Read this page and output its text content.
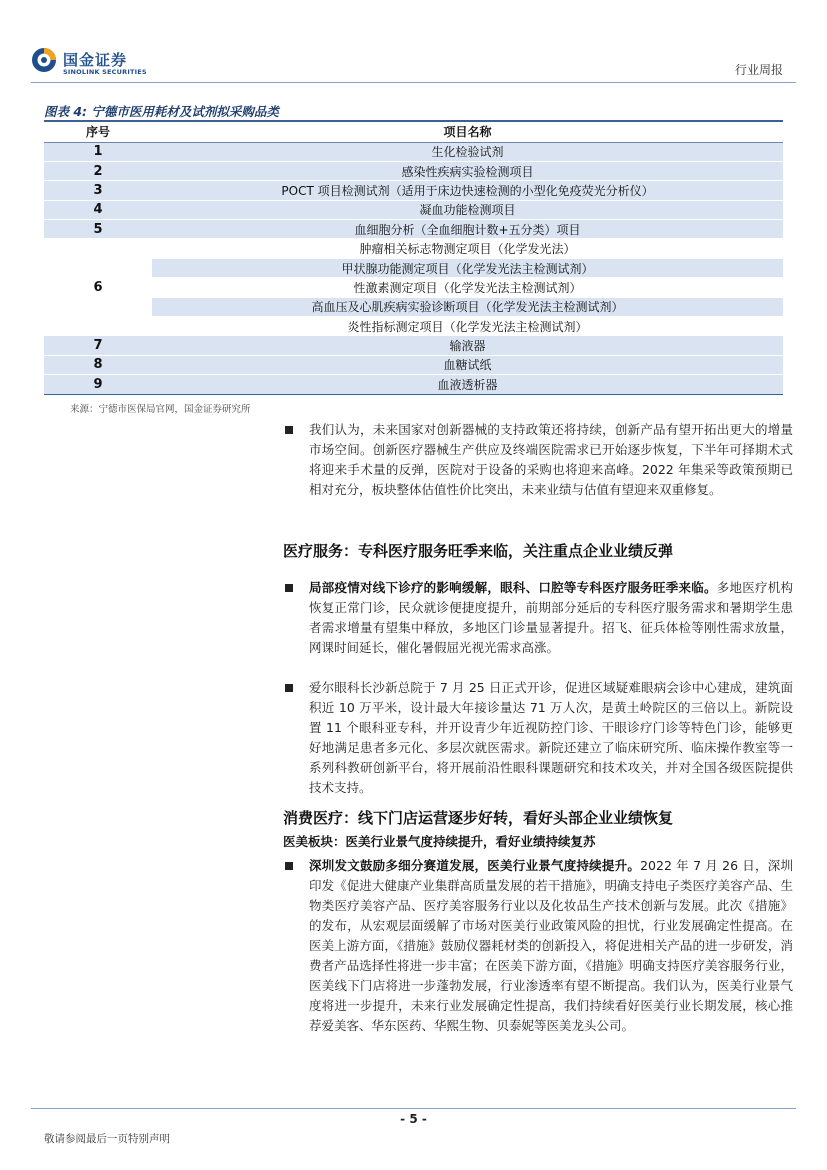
国金证券
SINOLINK SECURITIES	行业周报
图表 4: 宁德市医用耗材及试剂拟采购品类
序号	项目名称
1	生化检验试剂
2	感染性疾病实验检测项目
3	POCT 项目检测试剂（适用于床边快速检测的小型化免疫荧光分析仪）
4	凝血功能检测项目
5	血细胞分析（全血细胞计数+五分类）项目
6	肿瘤相关标志物测定项目（化学发光法）
	甲状腺功能测定项目（化学发光法主检测试剂）
	性激素测定项目（化学发光法主检测试剂）
	高血压及心肌疾病实验诊断项目（化学发光法主检测试剂）
	炎性指标测定项目（化学发光法主检测试剂）
7	输液器
8	血糖试纸
9	血液透析器
来源：宁德市医保局官网，国金证券研究所
我们认为，未来国家对创新器械的支持政策还将持续，创新产品有望开拓出更大的增量市场空间。创新医疗器械生产供应及终端医院需求已开始逐步恢复，下半年可择期术式将迎来手术量的反弹，医院对于设备的采购也将迎来高峰。2022 年集采等政策预期已相对充分，板块整体估值性价比突出，未来业绩与估值有望迎来双重修复。
医疗服务：专科医疗服务旺季来临，关注重点企业业绩反弹
局部疫情对线下诊疗的影响缓解，眼科、口腔等专科医疗服务旺季来临。多地医疗机构恢复正常门诊，民众就诊便捷度提升，前期部分延后的专科医疗服务需求和暑期学生患者需求增量有望集中释放，多地区门诊量显著提升。招飞、征兵体检等刚性需求放量，网课时间延长，催化暑假屈光视光需求高涨。
爱尔眼科长沙新总院于 7 月 25 日正式开诊，促进区域疑难眼病会诊中心建成，建筑面积近 10 万平米，设计最大年接诊量达 71 万人次，是黄土岭院区的三倍以上。新院设置 11 个眼科亚专科，并开设青少年近视防控门诊、干眼诊疗门诊等特色门诊，能够更好地满足患者多元化、多层次就医需求。新院还建立了临床研究所、临床操作教室等一系列科教研创新平台，将开展前沿性眼科课题研究和技术攻关，并对全国各级医院提供技术支持。
消费医疗：线下门店运营逐步好转，看好头部企业业绩恢复
医美板块：医美行业景气度持续提升，看好业绩持续复苏
深圳发文鼓励多细分赛道发展，医美行业景气度持续提升。2022 年 7 月 26 日，深圳印发《促进大健康产业集群高质量发展的若干措施》，明确支持电子类医疗美容产品、生物类医疗美容产品、医疗美容服务行业以及化妆品生产技术创新与发展。此次《措施》的发布，从宏观层面缓解了市场对医美行业政策风险的担忧，行业发展确定性提高。在医美上游方面，《措施》鼓励仪器耗材类的创新投入，将促进相关产品的进一步研发，消费者产品选择性将进一步丰富；在医美下游方面，《措施》明确支持医疗美容服务行业，医美线下门店将进一步蓬勃发展，行业渗透率有望不断提高。我们认为，医美行业景气度将进一步提升，未来行业发展确定性提高，我们持续看好医美行业长期发展，核心推荐爱美客、华东医药、华熙生物、贝泰妮等医美龙头公司。
- 5 -
敬请参阅最后一页特别声明
